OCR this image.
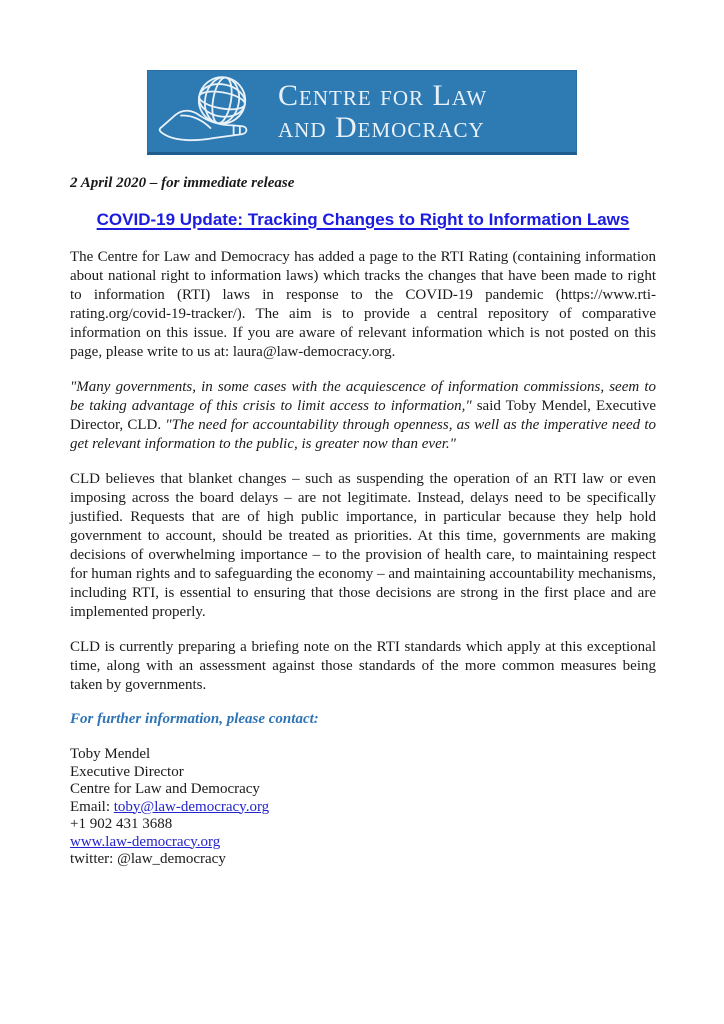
Centre for Law
and Democracy
2 April 2020 – for immediate release
COVID-19 Update: Tracking Changes to Right to Information Laws

The Centre for Law and Democracy has added a page to the RTI Rating (containing information about national right to information laws) which tracks the changes that have been made to right to information (RTI) laws in response to the COVID-19 pandemic (https://www.rti-rating.org/covid-19-tracker/). The aim is to provide a central repository of comparative information on this issue. If you are aware of relevant information which is not posted on this page, please write to us at: laura@law-democracy.org.

"Many governments, in some cases with the acquiescence of information commissions, seem to be taking advantage of this crisis to limit access to information," said Toby Mendel, Executive Director, CLD. "The need for accountability through openness, as well as the imperative need to get relevant information to the public, is greater now than ever."

CLD believes that blanket changes – such as suspending the operation of an RTI law or even imposing across the board delays – are not legitimate. Instead, delays need to be specifically justified. Requests that are of high public importance, in particular because they help hold government to account, should be treated as priorities. At this time, governments are making decisions of overwhelming importance – to the provision of health care, to maintaining respect for human rights and to safeguarding the economy – and maintaining accountability mechanisms, including RTI, is essential to ensuring that those decisions are strong in the first place and are implemented properly.

CLD is currently preparing a briefing note on the RTI standards which apply at this exceptional time, along with an assessment against those standards of the more common measures being taken by governments.

For further information, please contact:
Toby Mendel
Executive Director
Centre for Law and Democracy
Email: toby@law-democracy.org
+1 902 431 3688
www.law-democracy.org
twitter: @law_democracy
